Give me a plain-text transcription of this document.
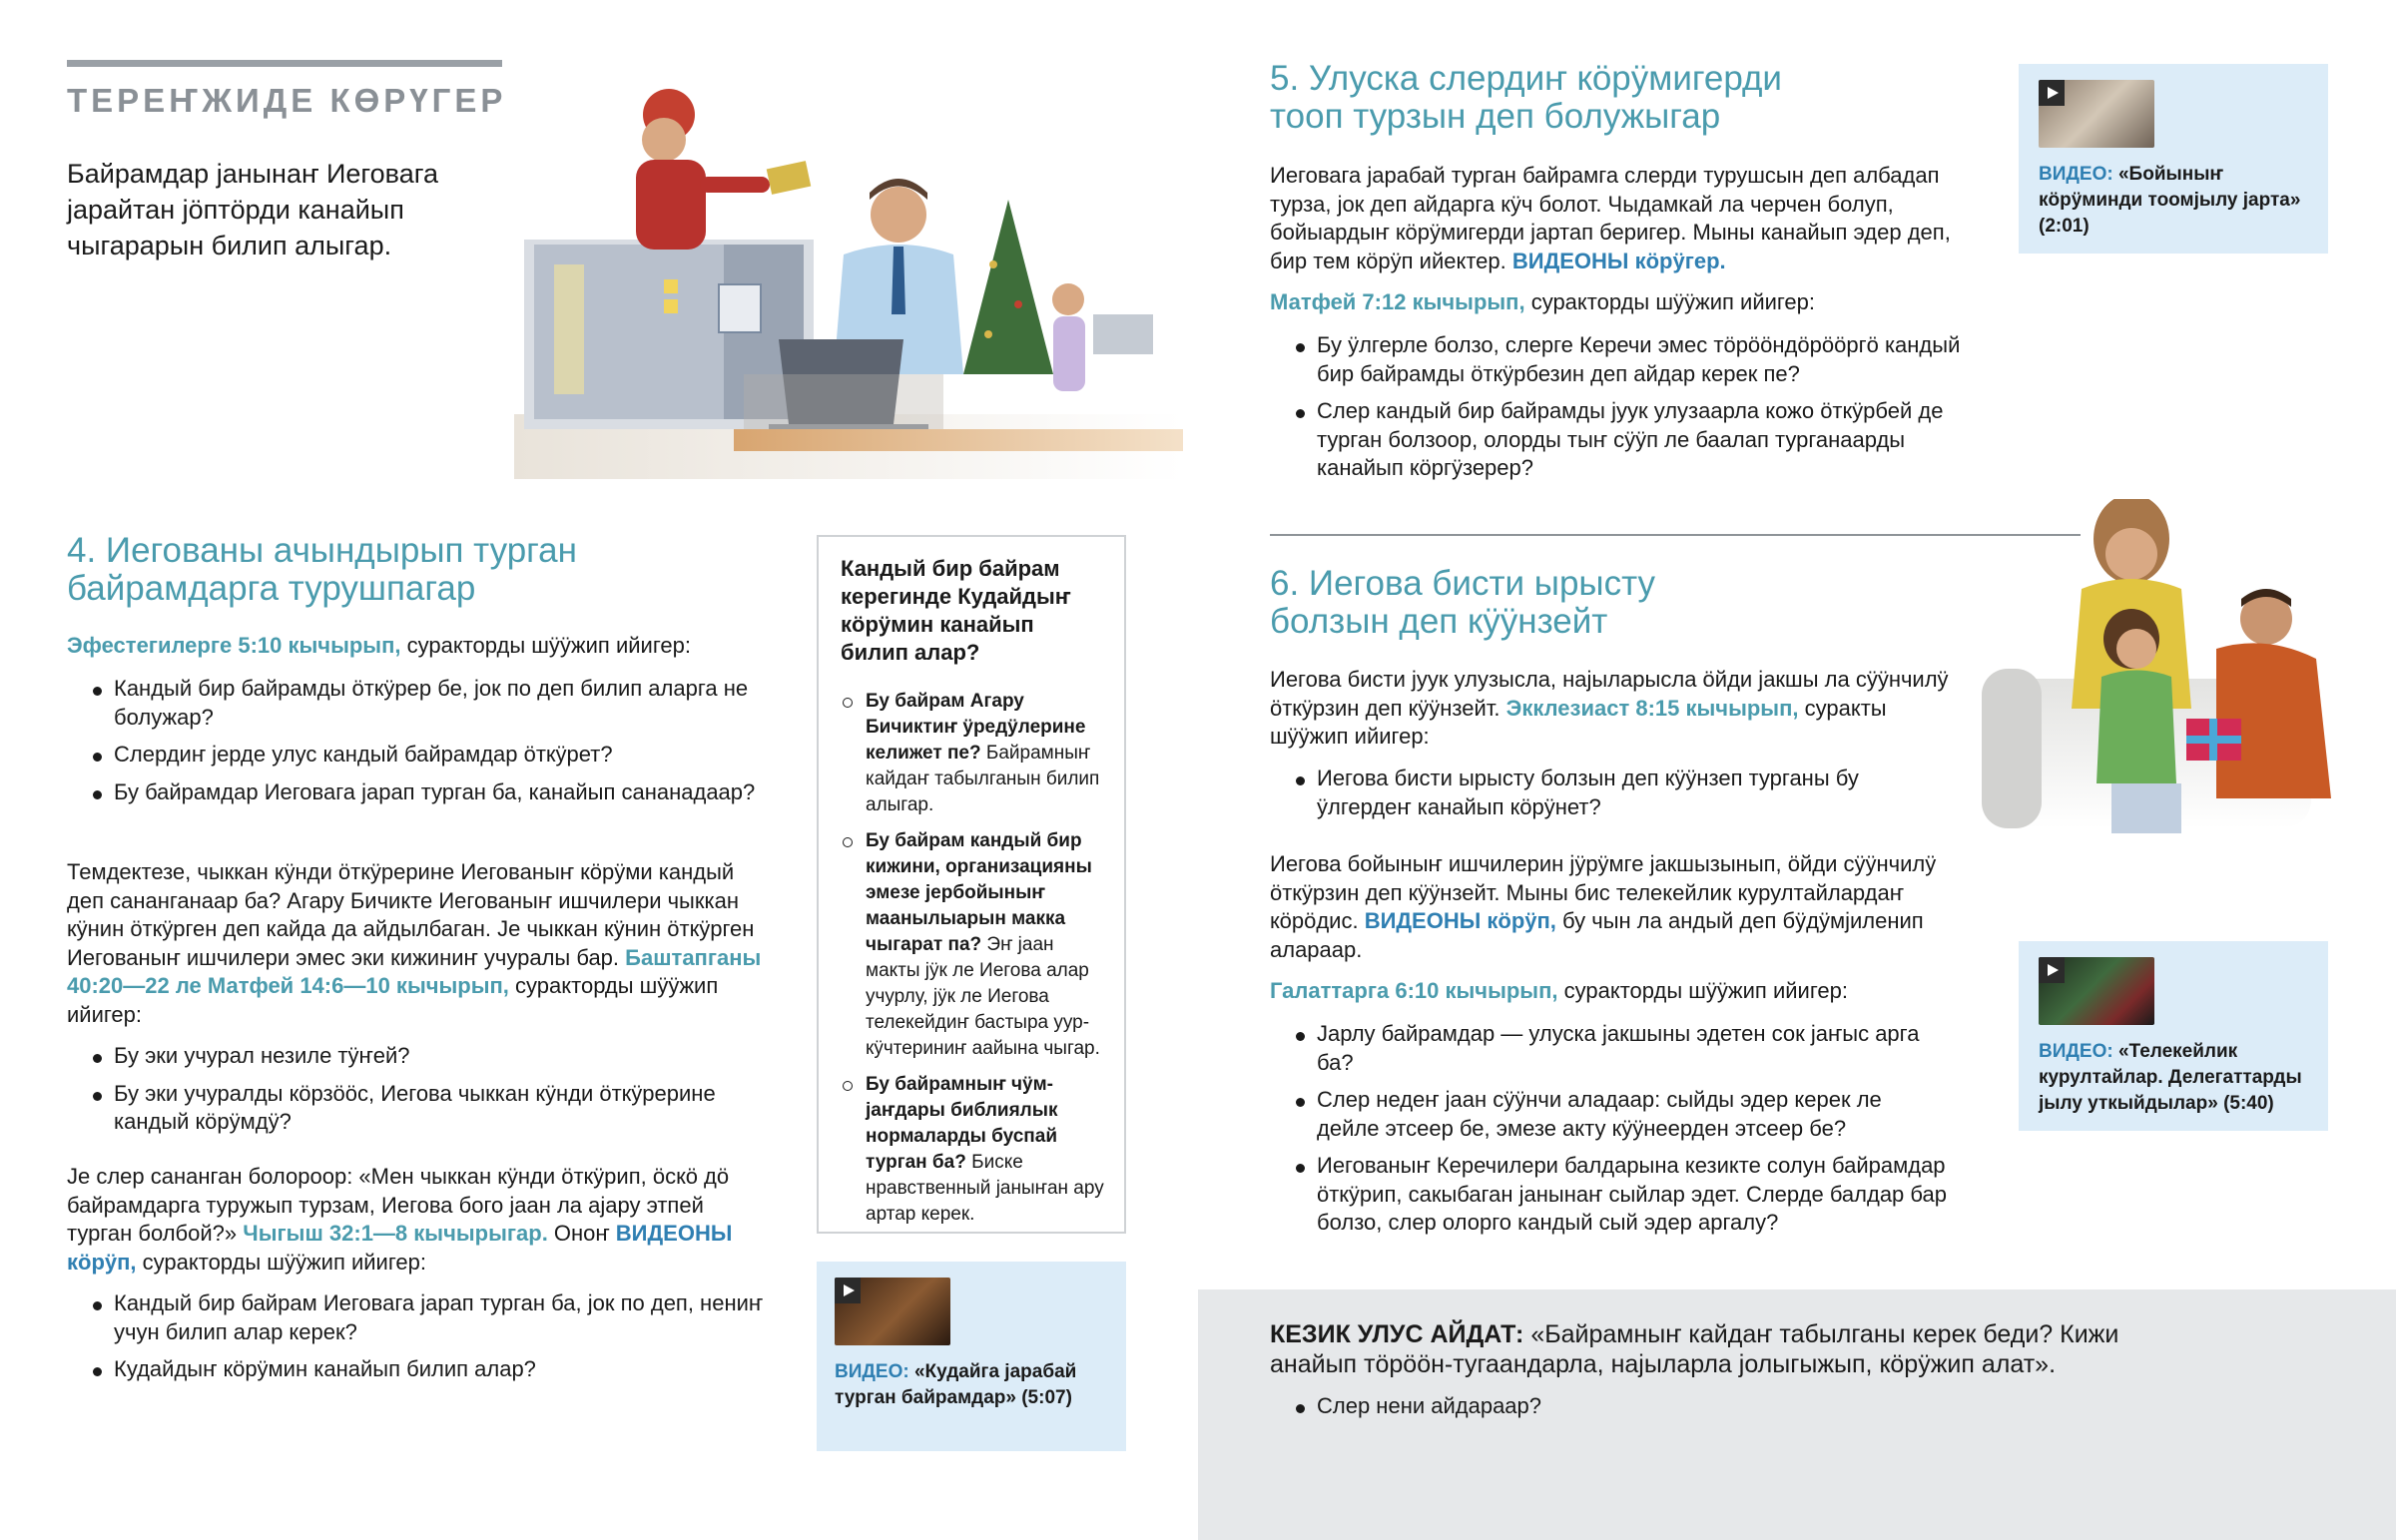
ТЕРЕҤЖИДЕ КӨРҮГЕР
Байрамдар јанынаҥ Иеговага јарайтан јӧптӧрди канайып чыгарарын билип алыгар.
4. Иегованы ачындырып турган
байрамдарга турушпагар
Эфестегилерге 5:10 кычырып, суракторды шӱӱжип ийигер:
Кандый бир байрамды ӧткӱрер бе, јок по деп билип аларга не болужар?
Слердиҥ јерде улус кандый байрамдар ӧткӱрет?
Бу байрамдар Иеговага јарап турган ба, канайып сананадаар?
Темдектезе, чыккан кӱнди ӧткӱрерине Иегованыҥ кӧрӱми кандый деп сананганаар ба? Агару Бичикте Иегованыҥ ишчилери чыккан кӱнин ӧткӱрген деп кайда да айдылбаган. Је чыккан кӱнин ӧткӱрген Иегованыҥ ишчилери эмес эки кижиниҥ учуралы бар. Баштапганы 40:20—22 ле Матфей 14:6—10 кычырып, суракторды шӱӱжип ийигер:
Бу эки учурал незиле тӱҥей?
Бу эки учуралды кӧрзӧӧс, Иегова чыккан кӱнди ӧткӱрерине кандый кӧрӱмдӱ?
Је слер сананган болороор: «Мен чыккан кӱнди ӧткӱрип, ӧскӧ дӧ байрамдарга туружып турзам, Иегова бого јаан ла ајару этпей турган болбой?» Чыгыш 32:1—8 кычырыгар. Оноҥ ВИДЕОНЫ кӧрӱп, суракторды шӱӱжип ийигер:
Кандый бир байрам Иеговага јарап турган ба, јок по деп, нениҥ учун билип алар керек?
Кудайдыҥ кӧрӱмин канайып билип алар?
Кандый бир байрам керегинде Кудайдыҥ кӧрӱмин канайып билип алар?
Бу байрам Агару Бичиктиҥ ӱредӱлерине келижет пе? Байрамныҥ кайдаҥ табылганын билип алыгар.
Бу байрам кандый бир кижини, организацияны эмезе јербойыныҥ маанылыарын макка чыгарат па? Эҥ јаан макты јӱк ле Иегова алар учурлу, јӱк ле Иегова телекейдиҥ бастыра уур-кӱчтериниҥ аайына чыгар.
Бу байрамныҥ чӱм-јаҥдары библиялык нормаларды буспай турган ба? Биске нравственный јаныҥан ару артар керек.
ВИДЕО: «Кудайга јарабай турган байрамдар» (5:07)
5. Улуска слердиҥ кӧрӱмигерди
тооп турзын деп болужыгар
Иеговага јарабай турган байрамга слерди турушсын деп албадап турза, јок деп айдарга кӱч болот. Чыдамкай ла черчен болуп, бойыардыҥ кӧрӱмигерди јартап беригер. Мыны канайып эдер деп, бир тем кӧрӱп ийектер. ВИДЕОНЫ кӧрӱгер.
Матфей 7:12 кычырып, суракторды шӱӱжип ийигер:
Бу ӱлгерле болзо, слерге Керечи эмес тӧрӧӧндӧрӧӧргӧ кандый бир байрамды ӧткӱрбезин деп айдар керек пе?
Слер кандый бир байрамды јуук улузаарла кожо ӧткӱрбей де турган болзоор, олорды тыҥ сӱӱп ле баалап турганаарды канайып кӧргӱзерер?
ВИДЕО: «Бойыныҥ кӧрӱминди тоомјылу јарта» (2:01)
6. Иегова бисти ырысту
болзын деп кӱӱнзейт
Иегова бисти јуук улузысла, најыларысла ӧйди јакшы ла сӱӱнчилӱ ӧткӱрзин деп кӱӱнзейт. Экклезиаст 8:15 кычырып, суракты шӱӱжип ийигер:
Иегова бисти ырысту болзын деп кӱӱнзеп турганы бу ӱлгердеҥ канайып кӧрӱнет?
Иегова бойыныҥ ишчилерин јӱрӱмге јакшызынып, ӧйди сӱӱнчилӱ ӧткӱрзин деп кӱӱнзейт. Мыны бис телекейлик курултайлардаҥ кӧрӧдис. ВИДЕОНЫ кӧрӱп, бу чын ла андый деп бӱдӱмјиленип алараар.
Галаттарга 6:10 кычырып, суракторды шӱӱжип ийигер:
Јарлу байрамдар — улуска јакшыны эдетен сок јаҥыс арга ба?
Слер недеҥ јаан сӱӱнчи аладаар: сыйды эдер керек ле дейле этсеер бе, эмезе акту кӱӱнеерден этсеер бе?
Иегованыҥ Керечилери балдарына кезикте солун байрамдар ӧткӱрип, сакыбаган јанынаҥ сыйлар эдет. Слерде балдар бар болзо, слер олорго кандый сый эдер аргалу?
ВИДЕО: «Телекейлик курултайлар. Делегаттарды јылу уткыйдылар» (5:40)
КЕЗИК УЛУС АЙДАТ: «Байрамныҥ кайдаҥ табылганы керек беди? Кижи анайып тӧрӧӧн-тугаандарла, најыларла јолыгыжып, кӧрӱжип алат».
Слер нени айдараар?
